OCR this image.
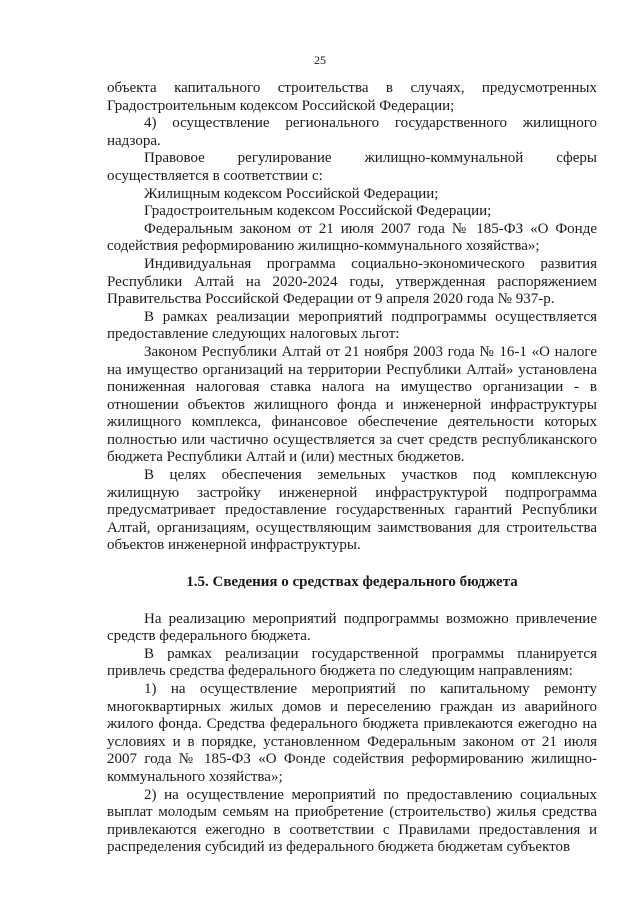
25

объекта капитального строительства в случаях, предусмотренных Градостроительным кодексом Российской Федерации;

4) осуществление регионального государственного жилищного надзора.

Правовое регулирование жилищно-коммунальной сферы осуществляется в соответствии с:

Жилищным кодексом Российской Федерации;

Градостроительным кодексом Российской Федерации;

Федеральным законом от 21 июля 2007 года № 185-ФЗ «О Фонде содействия реформированию жилищно-коммунального хозяйства»;

Индивидуальная программа социально-экономического развития Республики Алтай на 2020-2024 годы, утвержденная распоряжением Правительства Российской Федерации от 9 апреля 2020 года № 937-р.

В рамках реализации мероприятий подпрограммы осуществляется предоставление следующих налоговых льгот:

Законом Республики Алтай от 21 ноября 2003 года № 16-1 «О налоге на имущество организаций на территории Республики Алтай» установлена пониженная налоговая ставка налога на имущество организации - в отношении объектов жилищного фонда и инженерной инфраструктуры жилищного комплекса, финансовое обеспечение деятельности которых полностью или частично осуществляется за счет средств республиканского бюджета Республики Алтай и (или) местных бюджетов.

В целях обеспечения земельных участков под комплексную жилищную застройку инженерной инфраструктурой подпрограмма предусматривает предоставление государственных гарантий Республики Алтай, организациям, осуществляющим заимствования для строительства объектов инженерной инфраструктуры.

1.5. Сведения о средствах федерального бюджета

На реализацию мероприятий подпрограммы возможно привлечение средств федерального бюджета.

В рамках реализации государственной программы планируется привлечь средства федерального бюджета по следующим направлениям:

1) на осуществление мероприятий по капитальному ремонту многоквартирных жилых домов и переселению граждан из аварийного жилого фонда. Средства федерального бюджета привлекаются ежегодно на условиях и в порядке, установленном Федеральным законом от 21 июля 2007 года № 185-ФЗ «О Фонде содействия реформированию жилищно-коммунального хозяйства»;

2) на осуществление мероприятий по предоставлению социальных выплат молодым семьям на приобретение (строительство) жилья средства привлекаются ежегодно в соответствии с Правилами предоставления и распределения субсидий из федерального бюджета бюджетам субъектов
